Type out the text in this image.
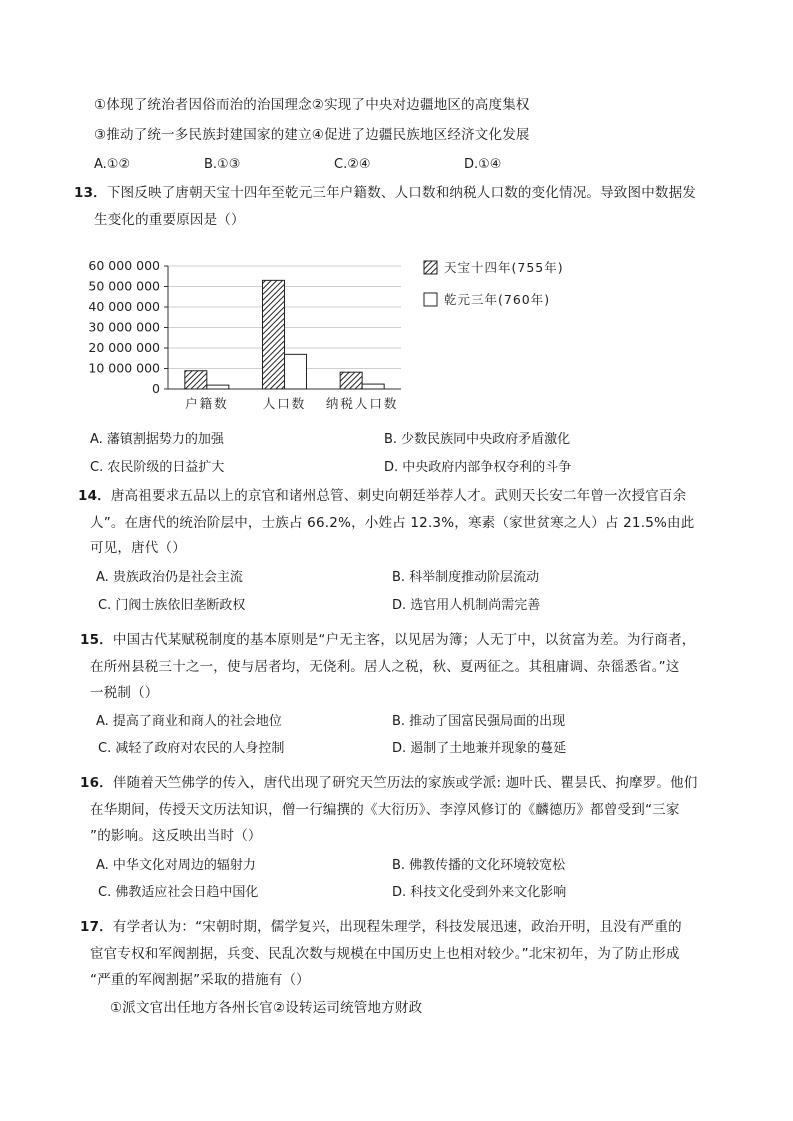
①体现了统治者因俗而治的治国理念②实现了中央对边疆地区的高度集权
③推动了统一多民族封建国家的建立④促进了边疆民族地区经济文化发展
A.①②	B.①③	C.②④	D.①④
13．下图反映了唐朝天宝十四年至乾元三年户籍数、人口数和纳税人口数的变化情况。导致图中数据发
生变化的重要原因是（）
60 000 000
50 000 000
40 000 000
30 000 000
20 000 000
10 000 000
0
户籍数	人口数 纳税人口数
天宝十四年(755年)
乾元三年(760年)
A. 藩镇割据势力的加强	B. 少数民族同中央政府矛盾激化
C. 农民阶级的日益扩大	D. 中央政府内部争权夺利的斗争
14．唐高祖要求五品以上的京官和诸州总管、刺史向朝廷举荐人才。武则天长安二年曾一次授官百余
人”。在唐代的统治阶层中，士族占 66.2%，小姓占 12.3%，寒素（家世贫寒之人）占 21.5%由此
可见，唐代（）
A. 贵族政治仍是社会主流	B. 科举制度推动阶层流动
C. 门阀士族依旧垄断政权	D. 选官用人机制尚需完善
15．中国古代某赋税制度的基本原则是“户无主客，以见居为簿；人无丁中，以贫富为差。为行商者，
在所州县税三十之一，使与居者均，无侥利。居人之税，秋、夏两征之。其租庸调、杂徭悉省。”这
一税制（）
A. 提高了商业和商人的社会地位	B. 推动了国富民强局面的出现
C. 减轻了政府对农民的人身控制	D. 遏制了土地兼并现象的蔓延
16．伴随着天竺佛学的传入，唐代出现了研究天竺历法的家族或学派: 迦叶氏、瞿昙氏、拘摩罗。他们
在华期间，传授天文历法知识，僧一行编撰的《大衍历》、李淳风修订的《麟德历》都曾受到“三家
”的影响。这反映出当时（）
A. 中华文化对周边的辐射力	B. 佛教传播的文化环境较宽松
C. 佛教适应社会日趋中国化	D. 科技文化受到外来文化影响
17．有学者认为：“宋朝时期，儒学复兴，出现程朱理学，科技发展迅速，政治开明，且没有严重的
宦官专权和军阀割据，兵变、民乱次数与规模在中国历史上也相对较少。”北宋初年，为了防止形成
“严重的军阀割据”采取的措施有（）
①派文官出任地方各州长官②设转运司统管地方财政
